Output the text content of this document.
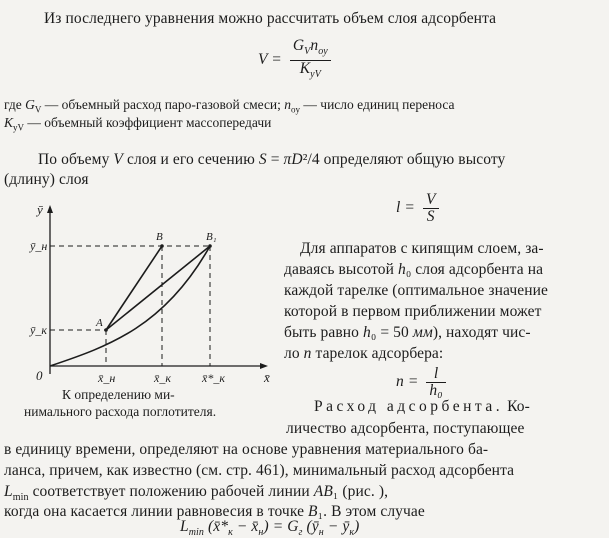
Из последнего уравнения можно рассчитать объем слоя адсорбента
$V = \frac{G_Vn_{oy}}{K_{yV}}$
где $G_V$ — объемный расход паро-газовой смеси; $n_{oy}$ — число единиц переноса
$K_{yV}$ — объемный коэффициент массопередачи
По объему V слоя и его сечению S = πD²/4 определяют общую высоту
(длину) слоя
$l = \frac{V}{S}$
Для аппаратов с кипящим слоем, за-
даваясь высотой h₀ слоя адсорбента на
каждой тарелке (оптимальное значение
которой в первом приближении может
быть равно h₀ = 50 мм), находят чис-
ло n тарелок адсорбера:
$n = \frac{l}{\text{h₀}}$
ȳ
x̄
0
ȳ_н
ȳ_к
x̄_н	x̄_к	x̄*_к
A
B	B₁
К определению ми-
нимального расхода поглотителя.	Расход адсорбента. Ко-
личество адсорбента, поступающее
в единицу времени, определяют на основе уравнения материального ба-
ланса, причем, как известно (см. стр. 461), минимальный расход адсорбента
$L_{min}$ соответствует положению рабочей линии AB₁ (рис. ),
когда она касается линии равновесия в точке B₁. В этом случае
$L_{min}$ ($x̄*_к$ − $x̄_н) = G_г$ ($ȳ_н$ − $ȳ_к$)
